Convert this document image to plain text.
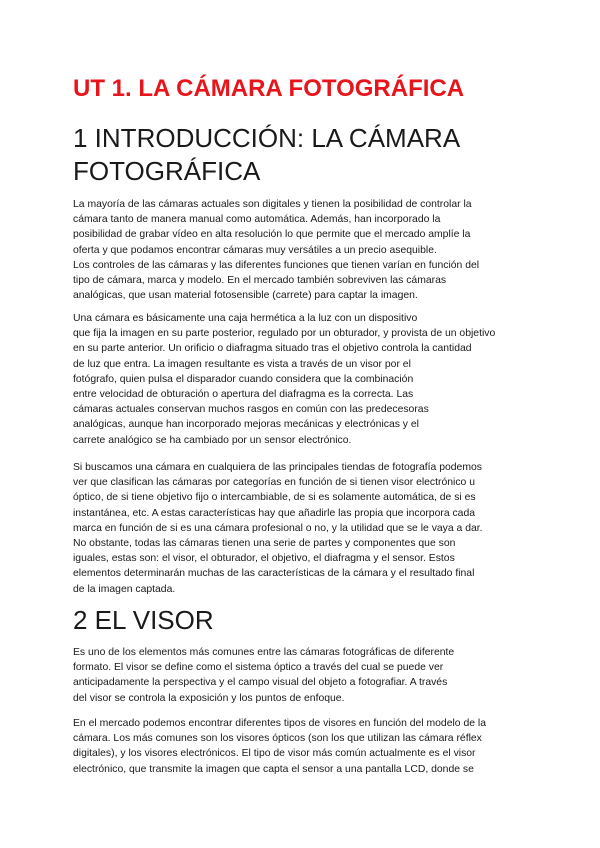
UT 1. LA CÁMARA FOTOGRÁFICA
1 INTRODUCCIÓN: LA CÁMARA
FOTOGRÁFICA

La mayoría de las cámaras actuales son digitales y tienen la posibilidad de controlar la
cámara tanto de manera manual como automática. Además, han incorporado la
posibilidad de grabar vídeo en alta resolución lo que permite que el mercado amplíe la
oferta y que podamos encontrar cámaras muy versátiles a un precio asequible.
Los controles de las cámaras y las diferentes funciones que tienen varían en función del
tipo de cámara, marca y modelo. En el mercado también sobreviven las cámaras
analógicas, que usan material fotosensible (carrete) para captar la imagen.

Una cámara es básicamente una caja hermética a la luz con un dispositivo
que fija la imagen en su parte posterior, regulado por un obturador, y provista de un objetivo
en su parte anterior. Un orificio o diafragma situado tras el objetivo controla la cantidad
de luz que entra. La imagen resultante es vista a través de un visor por el
fotógrafo, quien pulsa el disparador cuando considera que la combinación
entre velocidad de obturación o apertura del diafragma es la correcta. Las
cámaras actuales conservan muchos rasgos en común con las predecesoras
analógicas, aunque han incorporado mejoras mecánicas y electrónicas y el
carrete analógico se ha cambiado por un sensor electrónico.

Si buscamos una cámara en cualquiera de las principales tiendas de fotografía podemos
ver que clasifican las cámaras por categorías en función de si tienen visor electrónico u
óptico, de si tiene objetivo fijo o intercambiable, de si es solamente automática, de si es
instantánea, etc. A estas características hay que añadirle las propia que incorpora cada
marca en función de si es una cámara profesional o no, y la utilidad que se le vaya a dar.
No obstante, todas las cámaras tienen una serie de partes y componentes que son
iguales, estas son: el visor, el obturador, el objetivo, el diafragma y el sensor. Estos
elementos determinarán muchas de las características de la cámara y el resultado final
de la imagen captada.

2 EL VISOR

Es uno de los elementos más comunes entre las cámaras fotográficas de diferente
formato. El visor se define como el sistema óptico a través del cual se puede ver
anticipadamente la perspectiva y el campo visual del objeto a fotografiar. A través
del visor se controla la exposición y los puntos de enfoque.

En el mercado podemos encontrar diferentes tipos de visores en función del modelo de la
cámara. Los más comunes son los visores ópticos (son los que utilizan las cámara réflex
digitales), y los visores electrónicos. El tipo de visor más común actualmente es el visor
electrónico, que transmite la imagen que capta el sensor a una pantalla LCD, donde se
